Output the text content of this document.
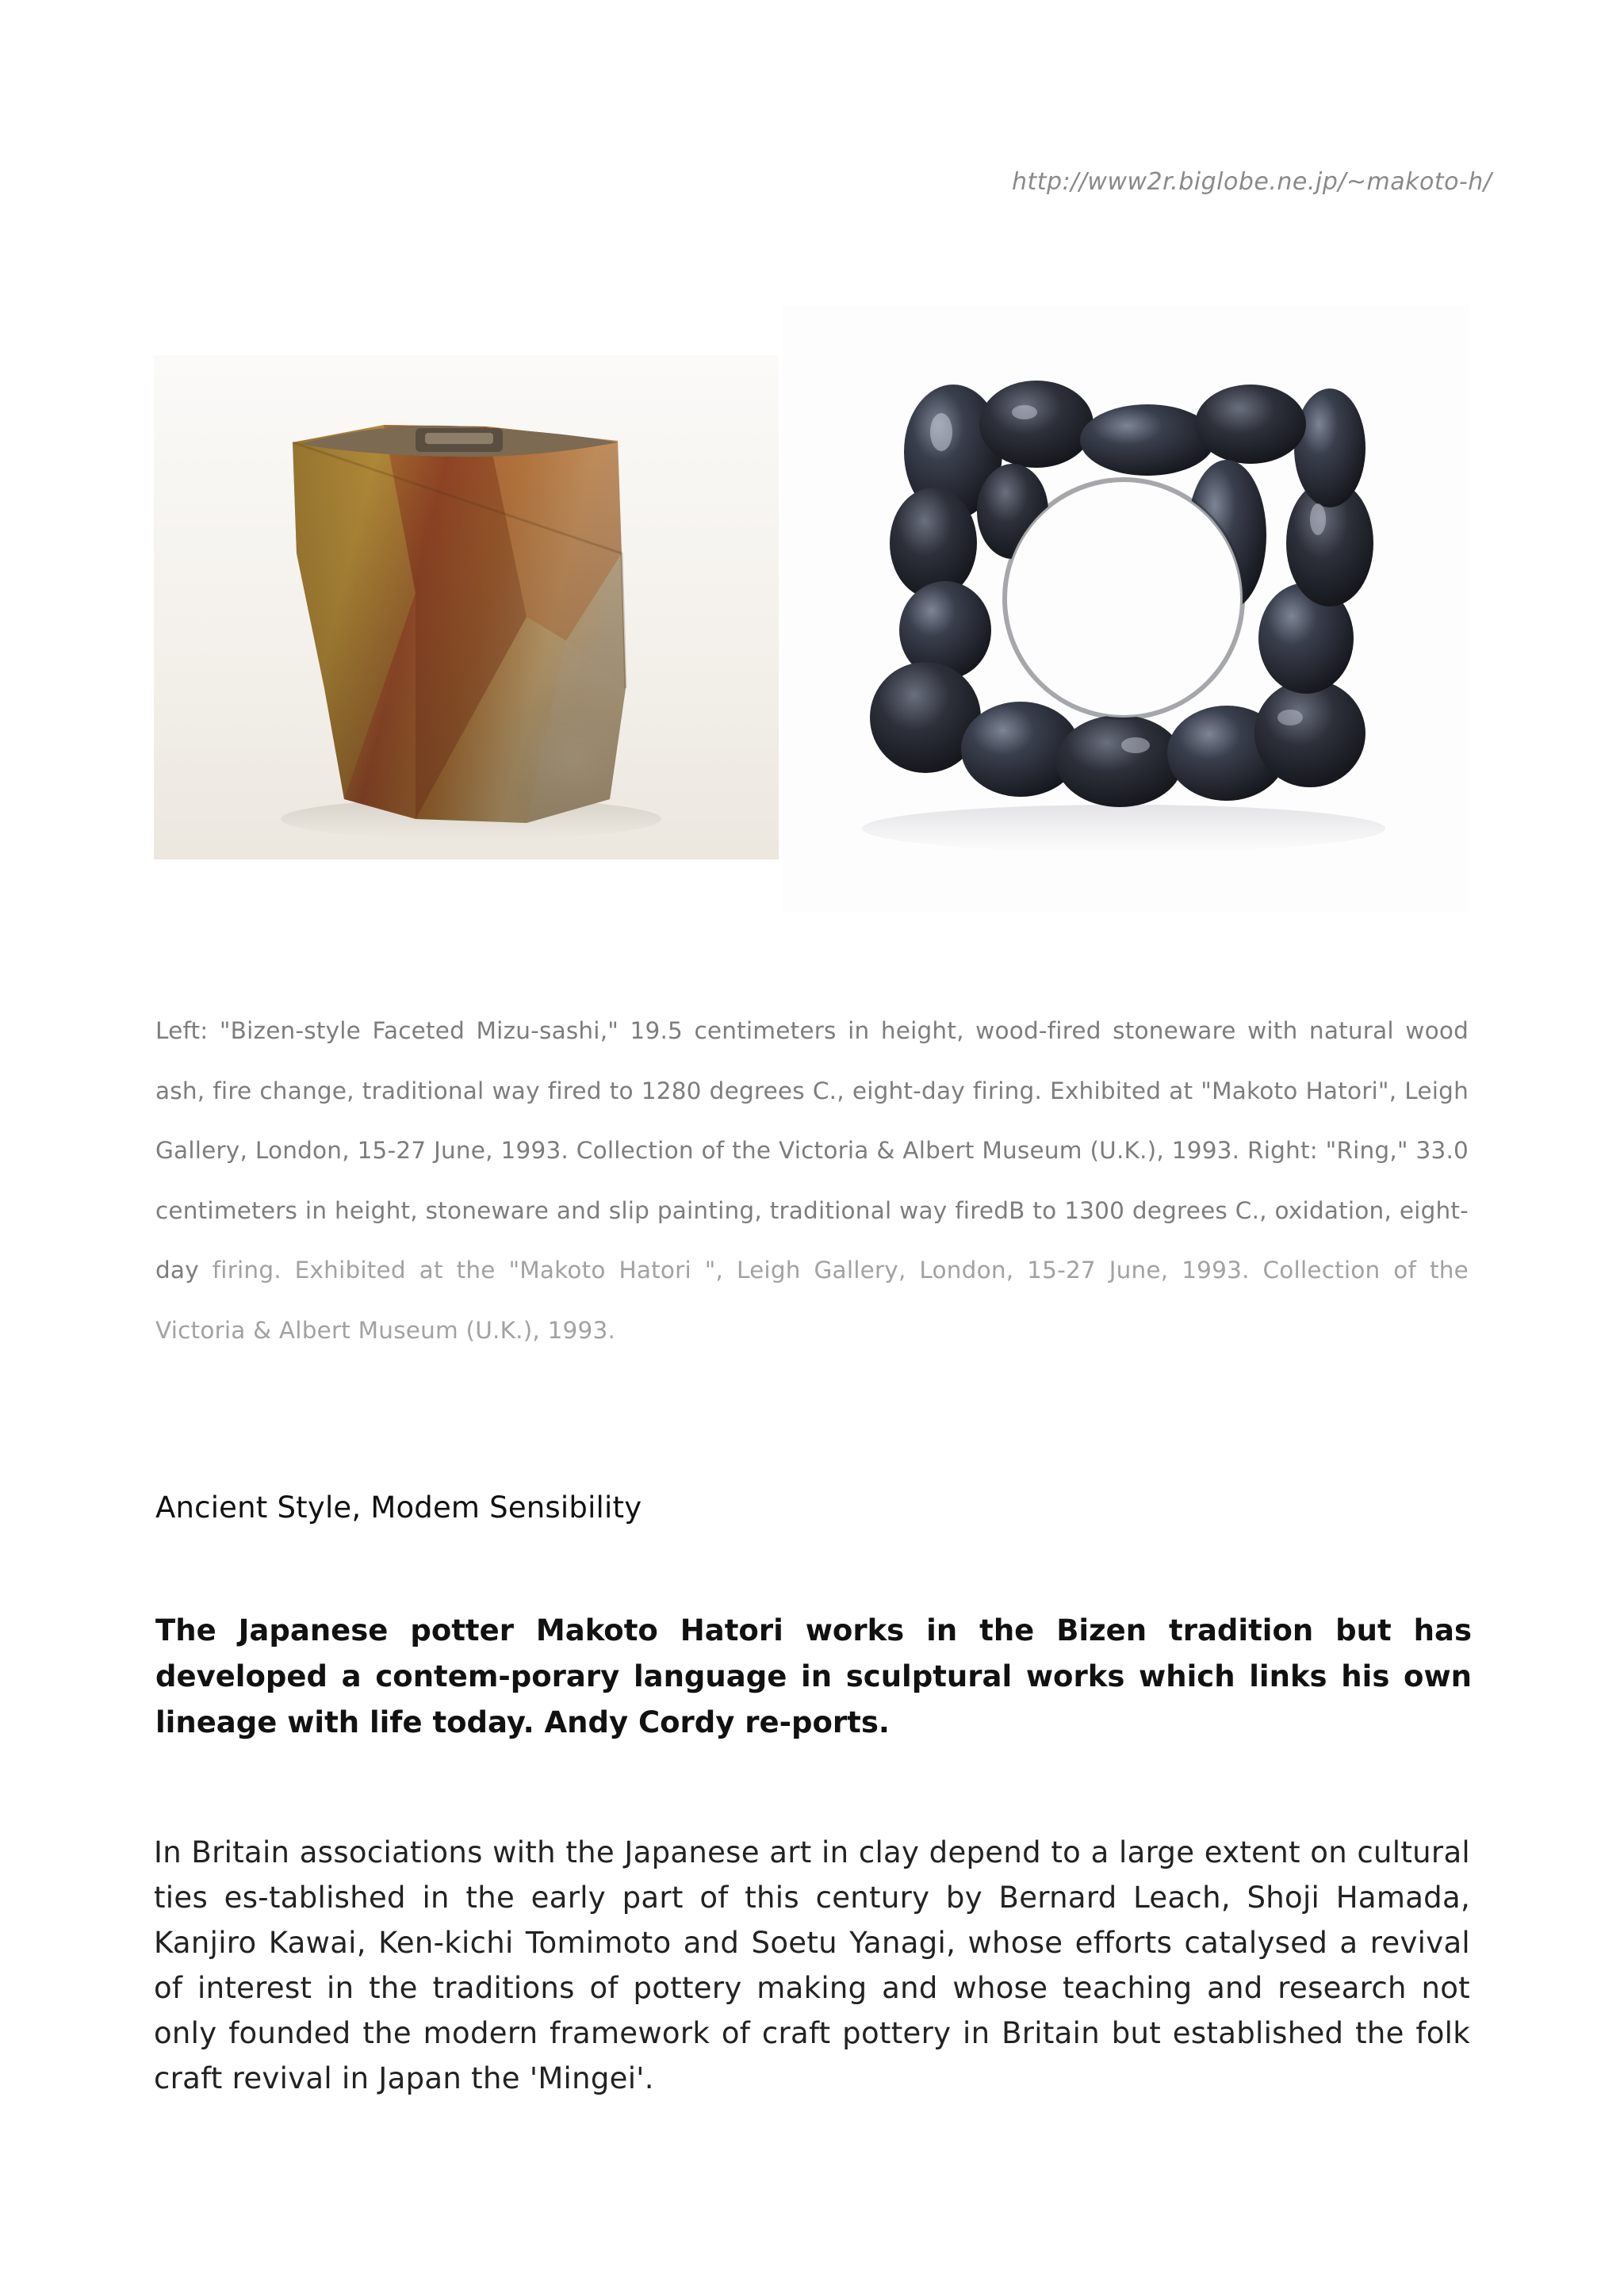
http://www2r.biglobe.ne.jp/~makoto-h/
Left: "Bizen-style Faceted Mizu-sashi," 19.5 centimeters in height, wood-fired stoneware with natural wood ash, fire change, traditional way fired to 1280 degrees C., eight-day firing. Exhibited at "Makoto Hatori", Leigh Gallery, London, 15-27 June, 1993. Collection of the Victoria & Albert Museum (U.K.), 1993. Right: "Ring," 33.0 centimeters in height, stoneware and slip painting, traditional way firedB to 1300 degrees C., oxidation, eight-day firing. Exhibited at the "Makoto Hatori ", Leigh Gallery, London, 15-27 June, 1993. Collection of the Victoria & Albert Museum (U.K.), 1993.
Ancient Style, Modem Sensibility

The Japanese potter Makoto Hatori works in the Bizen tradition but has developed a contem-porary language in sculptural works which links his own lineage with life today. Andy Cordy re-ports.

In Britain associations with the Japanese art in clay depend to a large extent on cultural ties es-tablished in the early part of this century by Bernard Leach, Shoji Hamada, Kanjiro Kawai, Ken-kichi Tomimoto and Soetu Yanagi, whose efforts catalysed a revival of interest in the traditions of pottery making and whose teaching and research not only founded the modern framework of craft pottery in Britain but established the folk craft revival in Japan the 'Mingei'.
